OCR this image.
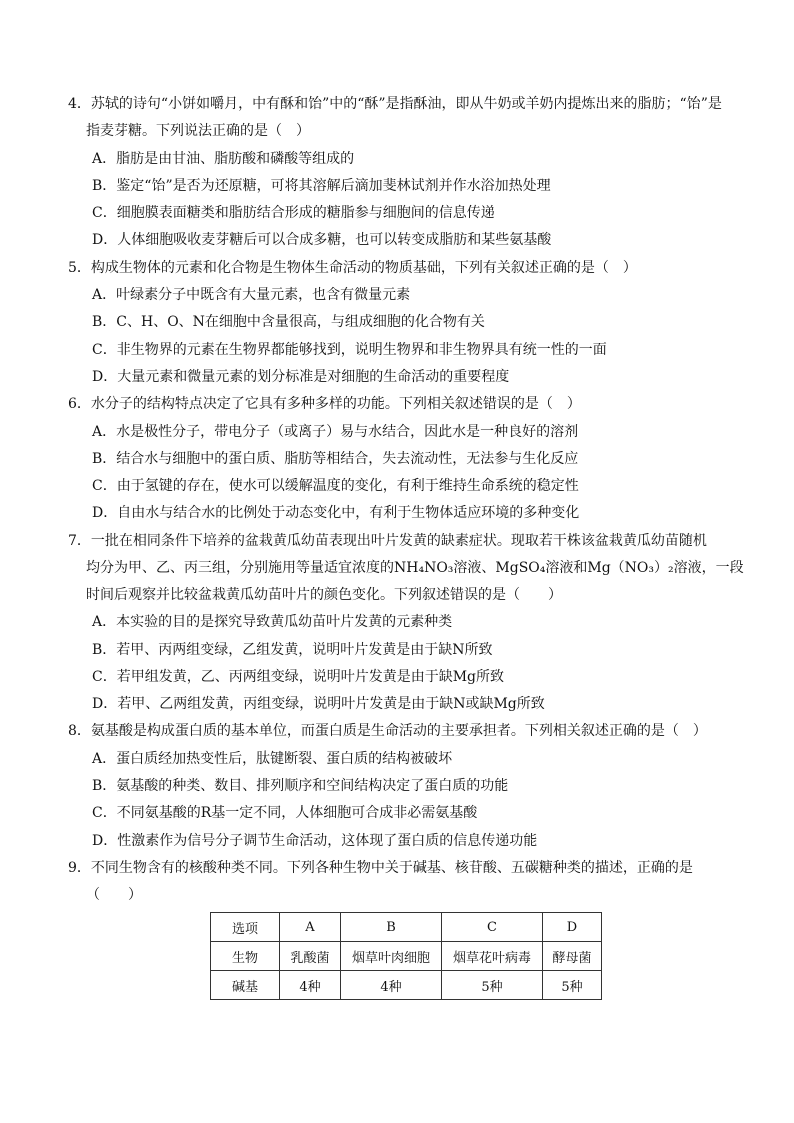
4．苏轼的诗句“小饼如嚼月，中有酥和饴”中的“酥”是指酥油，即从牛奶或羊奶内提炼出来的脂肪；“饴”是
指麦芽糖。下列说法正确的是（　）
A．脂肪是由甘油、脂肪酸和磷酸等组成的
B．鉴定“饴”是否为还原糖，可将其溶解后滴加斐林试剂并作水浴加热处理
C．细胞膜表面糖类和脂肪结合形成的糖脂参与细胞间的信息传递
D．人体细胞吸收麦芽糖后可以合成多糖，也可以转变成脂肪和某些氨基酸
5．构成生物体的元素和化合物是生物体生命活动的物质基础，下列有关叙述正确的是（　）
A．叶绿素分子中既含有大量元素，也含有微量元素
B．C、H、O、N在细胞中含量很高，与组成细胞的化合物有关
C．非生物界的元素在生物界都能够找到，说明生物界和非生物界具有统一性的一面
D．大量元素和微量元素的划分标准是对细胞的生命活动的重要程度
6．水分子的结构特点决定了它具有多种多样的功能。下列相关叙述错误的是（　）
A．水是极性分子，带电分子（或离子）易与水结合，因此水是一种良好的溶剂
B．结合水与细胞中的蛋白质、脂肪等相结合，失去流动性，无法参与生化反应
C．由于氢键的存在，使水可以缓解温度的变化，有利于维持生命系统的稳定性
D．自由水与结合水的比例处于动态变化中，有利于生物体适应环境的多种变化
7．一批在相同条件下培养的盆栽黄瓜幼苗表现出叶片发黄的缺素症状。现取若干株该盆栽黄瓜幼苗随机
均分为甲、乙、丙三组，分别施用等量适宜浓度的NH₄NO₃溶液、MgSO₄溶液和Mg（NO₃）₂溶液，一段
时间后观察并比较盆栽黄瓜幼苗叶片的颜色变化。下列叙述错误的是（　　）
A．本实验的目的是探究导致黄瓜幼苗叶片发黄的元素种类
B．若甲、丙两组变绿，乙组发黄，说明叶片发黄是由于缺N所致
C．若甲组发黄，乙、丙两组变绿，说明叶片发黄是由于缺Mg所致
D．若甲、乙两组发黄，丙组变绿，说明叶片发黄是由于缺N或缺Mg所致
8．氨基酸是构成蛋白质的基本单位，而蛋白质是生命活动的主要承担者。下列相关叙述正确的是（　）
A．蛋白质经加热变性后，肽键断裂、蛋白质的结构被破坏
B．氨基酸的种类、数目、排列顺序和空间结构决定了蛋白质的功能
C．不同氨基酸的R基一定不同，人体细胞可合成非必需氨基酸
D．性激素作为信号分子调节生命活动，这体现了蛋白质的信息传递功能
9．不同生物含有的核酸种类不同。下列各种生物中关于碱基、核苷酸、五碳糖种类的描述，正确的是
（　　）
选项	A	B	C	D
生物	乳酸菌	烟草叶肉细胞	烟草花叶病毒	酵母菌
碱基	4种	4种	5种	5种
